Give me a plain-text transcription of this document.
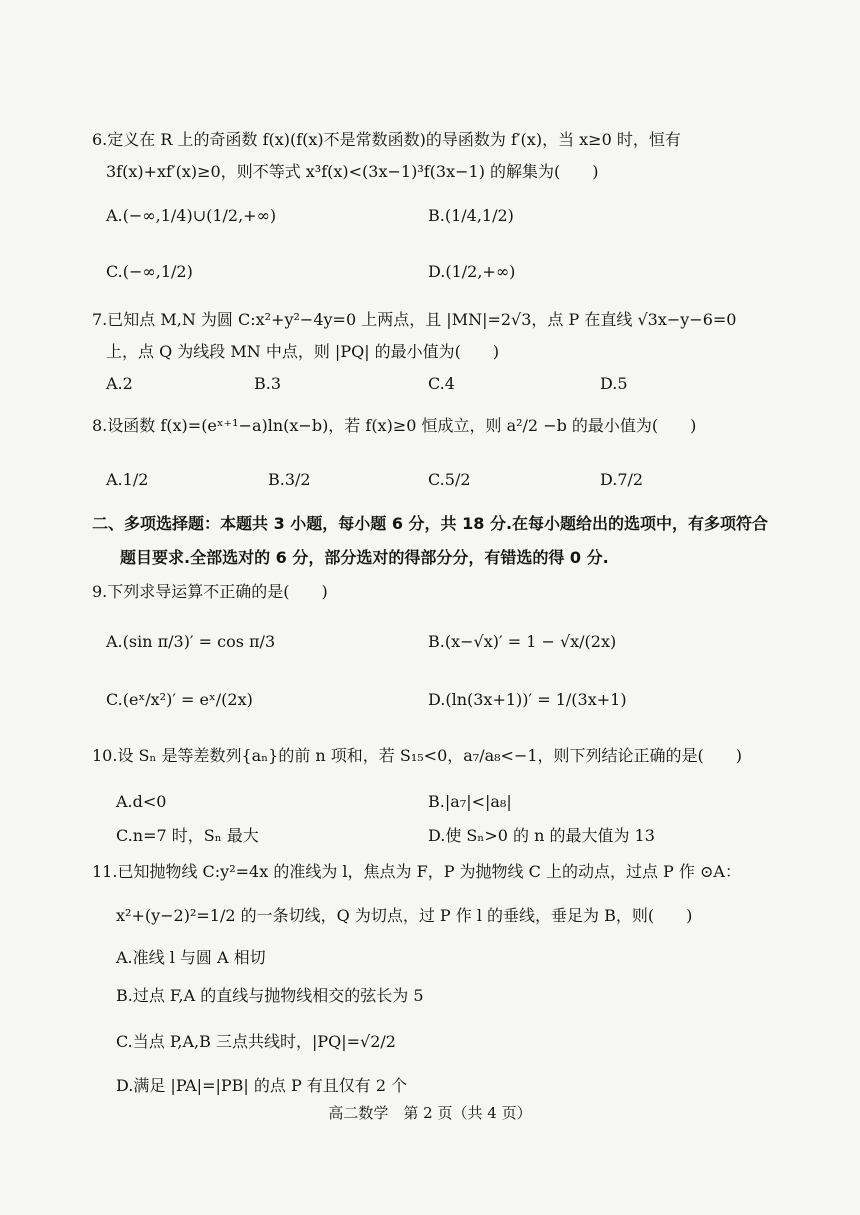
6.定义在 R 上的奇函数 f(x)(f(x)不是常数函数)的导函数为 f′(x)，当 x≥0 时，恒有
3f(x)+xf′(x)≥0，则不等式 x³f(x)<(3x−1)³f(3x−1) 的解集为(　　)
A.(−∞,1/4)∪(1/2,+∞)	B.(1/4,1/2)
C.(−∞,1/2)	D.(1/2,+∞)
7.已知点 M,N 为圆 C:x²+y²−4y=0 上两点，且 |MN|=2√3，点 P 在直线 √3x−y−6=0
上，点 Q 为线段 MN 中点，则 |PQ| 的最小值为(　　)
A.2	B.3	C.4	D.5
8.设函数 f(x)=(eˣ⁺¹−a)ln(x−b)，若 f(x)≥0 恒成立，则 a²/2 −b 的最小值为(　　)
A.1/2	B.3/2	C.5/2	D.7/2
二、多项选择题：本题共 3 小题，每小题 6 分，共 18 分.在每小题给出的选项中，有多项符合
题目要求.全部选对的 6 分，部分选对的得部分分，有错选的得 0 分.
9.下列求导运算不正确的是(　　)
A.(sin π/3)′ = cos π/3	B.(x−√x)′ = 1 − √x/(2x)
C.(eˣ/x²)′ = eˣ/(2x)	D.(ln(3x+1))′ = 1/(3x+1)
10.设 Sₙ 是等差数列{aₙ}的前 n 项和，若 S₁₅<0，a₇/a₈<−1，则下列结论正确的是(　　)
A.d<0	B.|a₇|<|a₈|
C.n=7 时，Sₙ 最大	D.使 Sₙ>0 的 n 的最大值为 13
11.已知抛物线 C:y²=4x 的准线为 l，焦点为 F，P 为抛物线 C 上的动点，过点 P 作 ⊙A：
x²+(y−2)²=1/2 的一条切线，Q 为切点，过 P 作 l 的垂线，垂足为 B，则(　　)
A.准线 l 与圆 A 相切
B.过点 F,A 的直线与抛物线相交的弦长为 5
C.当点 P,A,B 三点共线时，|PQ|=√2/2
D.满足 |PA|=|PB| 的点 P 有且仅有 2 个
高二数学　第 2 页（共 4 页）
